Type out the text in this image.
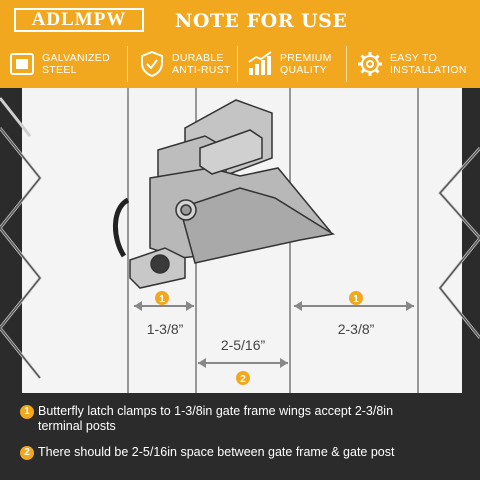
ADLMPW	NOTE FOR USE
GALVANIZED
STEEL
DURABLE
ANTI-RUST
PREMIUM
QUALITY
EASY TO
INSTALLATION
1
1-3/8”
2-5/16”
2
1
2-3/8”
1 Butterfly latch clamps to 1-3/8in gate frame wings accept 2-3/8in
terminal posts
2 There should be 2-5/16in space between gate frame & gate post
